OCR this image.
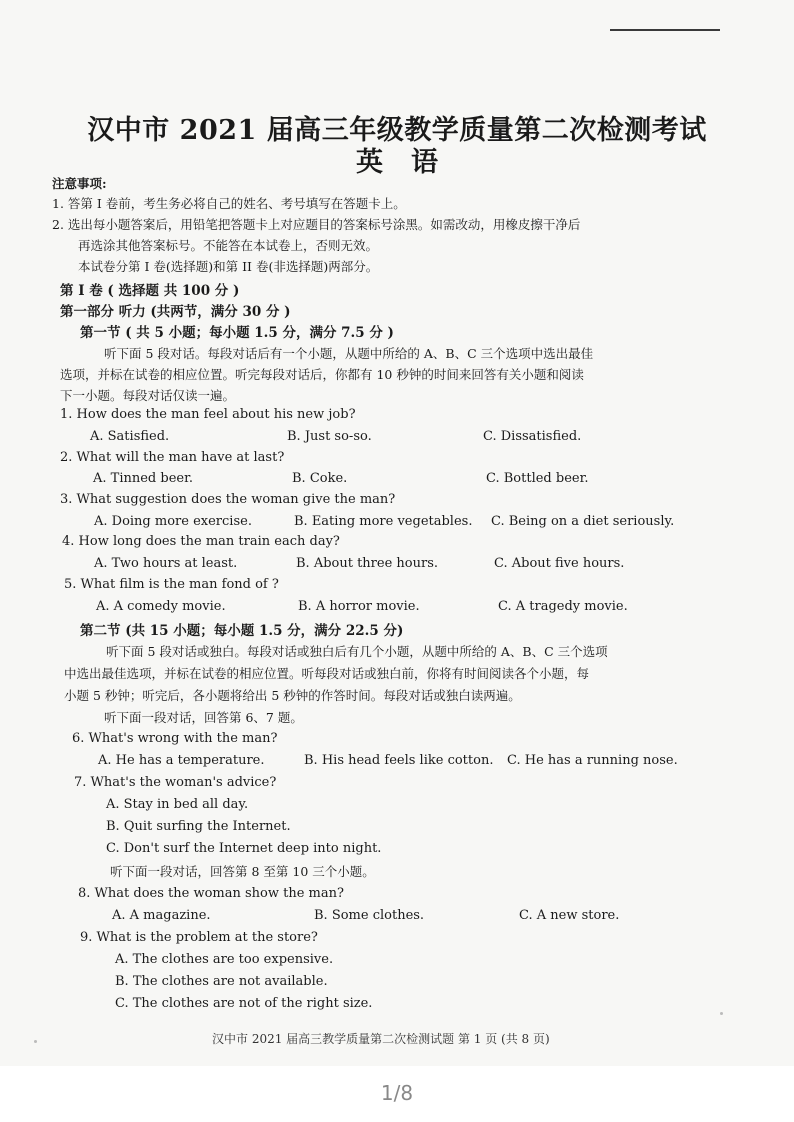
汉中市 2021 届高三年级教学质量第二次检测考试
英语
注意事项:
1. 答第 I 卷前，考生务必将自己的姓名、考号填写在答题卡上。
2. 选出每小题答案后，用铅笔把答题卡上对应题目的答案标号涂黑。如需改动，用橡皮擦干净后
再选涂其他答案标号。不能答在本试卷上，否则无效。
本试卷分第 I 卷(选择题)和第 II 卷(非选择题)两部分。
第 I 卷 ( 选择题 共 100 分 )
第一部分 听力 (共两节，满分 30 分 )
第一节 ( 共 5 小题；每小题 1.5 分，满分 7.5 分 )
听下面 5 段对话。每段对话后有一个小题，从题中所给的 A、B、C 三个选项中选出最佳
选项，并标在试卷的相应位置。听完每段对话后，你都有 10 秒钟的时间来回答有关小题和阅读
下一小题。每段对话仅读一遍。
1. How does the man feel about his new job?
A. Satisfied.	B. Just so-so.	C. Dissatisfied.
2. What will the man have at last?
A. Tinned beer.	B. Coke.	C. Bottled beer.
3. What suggestion does the woman give the man?
A. Doing more exercise.	B. Eating more vegetables. C. Being on a diet seriously.
4. How long does the man train each day?
A. Two hours at least.	B. About three hours.	C. About five hours.
5. What film is the man fond of ?
A. A comedy movie.	B. A horror movie.	C. A tragedy movie.
第二节 (共 15 小题；每小题 1.5 分，满分 22.5 分)
听下面 5 段对话或独白。每段对话或独白后有几个小题，从题中所给的 A、B、C 三个选项
中选出最佳选项，并标在试卷的相应位置。听每段对话或独白前，你将有时间阅读各个小题，每
小题 5 秒钟；听完后，各小题将给出 5 秒钟的作答时间。每段对话或独白读两遍。
听下面一段对话，回答第 6、7 题。
6. What's wrong with the man?
A. He has a temperature.	B. His head feels like cotton. C. He has a running nose.
7. What's the woman's advice?
A. Stay in bed all day.
B. Quit surfing the Internet.
C. Don't surf the Internet deep into night.
听下面一段对话，回答第 8 至第 10 三个小题。
8. What does the woman show the man?
A. A magazine.	B. Some clothes.	C. A new store.
9. What is the problem at the store?
A. The clothes are too expensive.
B. The clothes are not available.
C. The clothes are not of the right size.
汉中市 2021 届高三教学质量第二次检测试题 第 1 页 (共 8 页)
1/8
